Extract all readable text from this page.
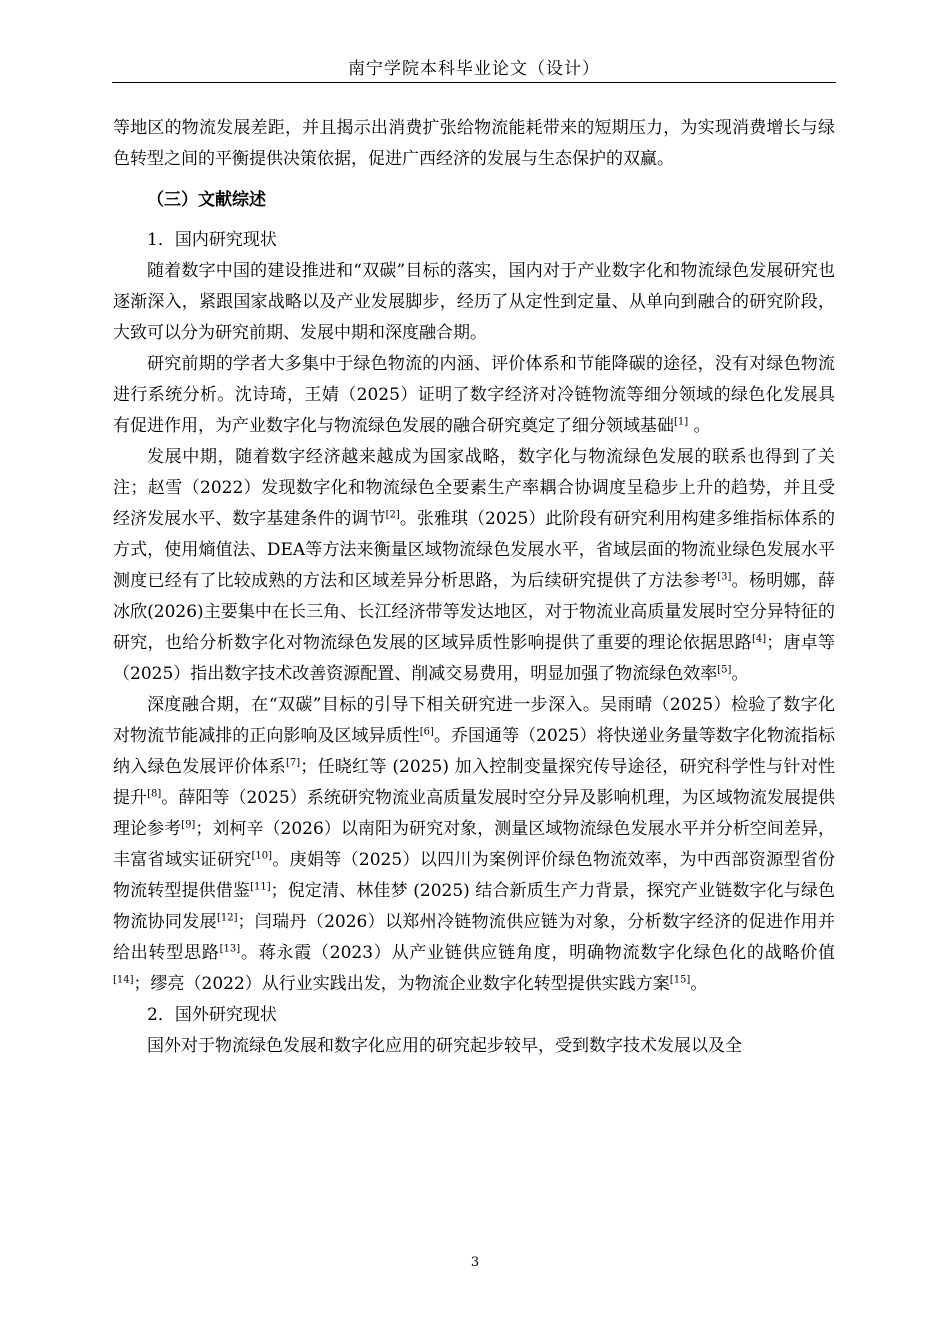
南宁学院本科毕业论文（设计）

等地区的物流发展差距，并且揭示出消费扩张给物流能耗带来的短期压力，为实现消费增长与绿色转型之间的平衡提供决策依据，促进广西经济的发展与生态保护的双赢。

（三）文献综述

1．国内研究现状

随着数字中国的建设推进和“双碳”目标的落实，国内对于产业数字化和物流绿色发展研究也逐渐深入，紧跟国家战略以及产业发展脚步，经历了从定性到定量、从单向到融合的研究阶段，大致可以分为研究前期、发展中期和深度融合期。

研究前期的学者大多集中于绿色物流的内涵、评价体系和节能降碳的途径，没有对绿色物流进行系统分析。沈诗琦，王婧（2025）证明了数字经济对冷链物流等细分领域的绿色化发展具有促进作用，为产业数字化与物流绿色发展的融合研究奠定了细分领域基础[1] 。

发展中期，随着数字经济越来越成为国家战略，数字化与物流绿色发展的联系也得到了关注；赵雪（2022）发现数字化和物流绿色全要素生产率耦合协调度呈稳步上升的趋势，并且受经济发展水平、数字基建条件的调节[2]。张雅琪（2025）此阶段有研究利用构建多维指标体系的方式，使用熵值法、DEA等方法来衡量区域物流绿色发展水平，省域层面的物流业绿色发展水平测度已经有了比较成熟的方法和区域差异分析思路，为后续研究提供了方法参考[3]。杨明娜，薛冰欣(2026)主要集中在长三角、长江经济带等发达地区，对于物流业高质量发展时空分异特征的研究，也给分析数字化对物流绿色发展的区域异质性影响提供了重要的理论依据思路[4]；唐卓等（2025）指出数字技术改善资源配置、削减交易费用，明显加强了物流绿色效率[5]。

深度融合期，在“双碳”目标的引导下相关研究进一步深入。吴雨晴（2025）检验了数字化对物流节能减排的正向影响及区域异质性[6]。乔国通等（2025）将快递业务量等数字化物流指标纳入绿色发展评价体系[7]；任晓红等 (2025) 加入控制变量探究传导途径，研究科学性与针对性提升[8]。薛阳等（2025）系统研究物流业高质量发展时空分异及影响机理，为区域物流发展提供理论参考[9]；刘柯辛（2026）以南阳为研究对象，测量区域物流绿色发展水平并分析空间差异，丰富省域实证研究[10]。庚娟等（2025）以四川为案例评价绿色物流效率，为中西部资源型省份物流转型提供借鉴[11]；倪定清、林佳梦 (2025) 结合新质生产力背景，探究产业链数字化与绿色物流协同发展[12]；闫瑞丹（2026）以郑州冷链物流供应链为对象，分析数字经济的促进作用并给出转型思路[13]。蒋永霞（2023）从产业链供应链角度，明确物流数字化绿色化的战略价值[14]；缪亮（2022）从行业实践出发，为物流企业数字化转型提供实践方案[15]。

2．国外研究现状

国外对于物流绿色发展和数字化应用的研究起步较早，受到数字技术发展以及全

3
